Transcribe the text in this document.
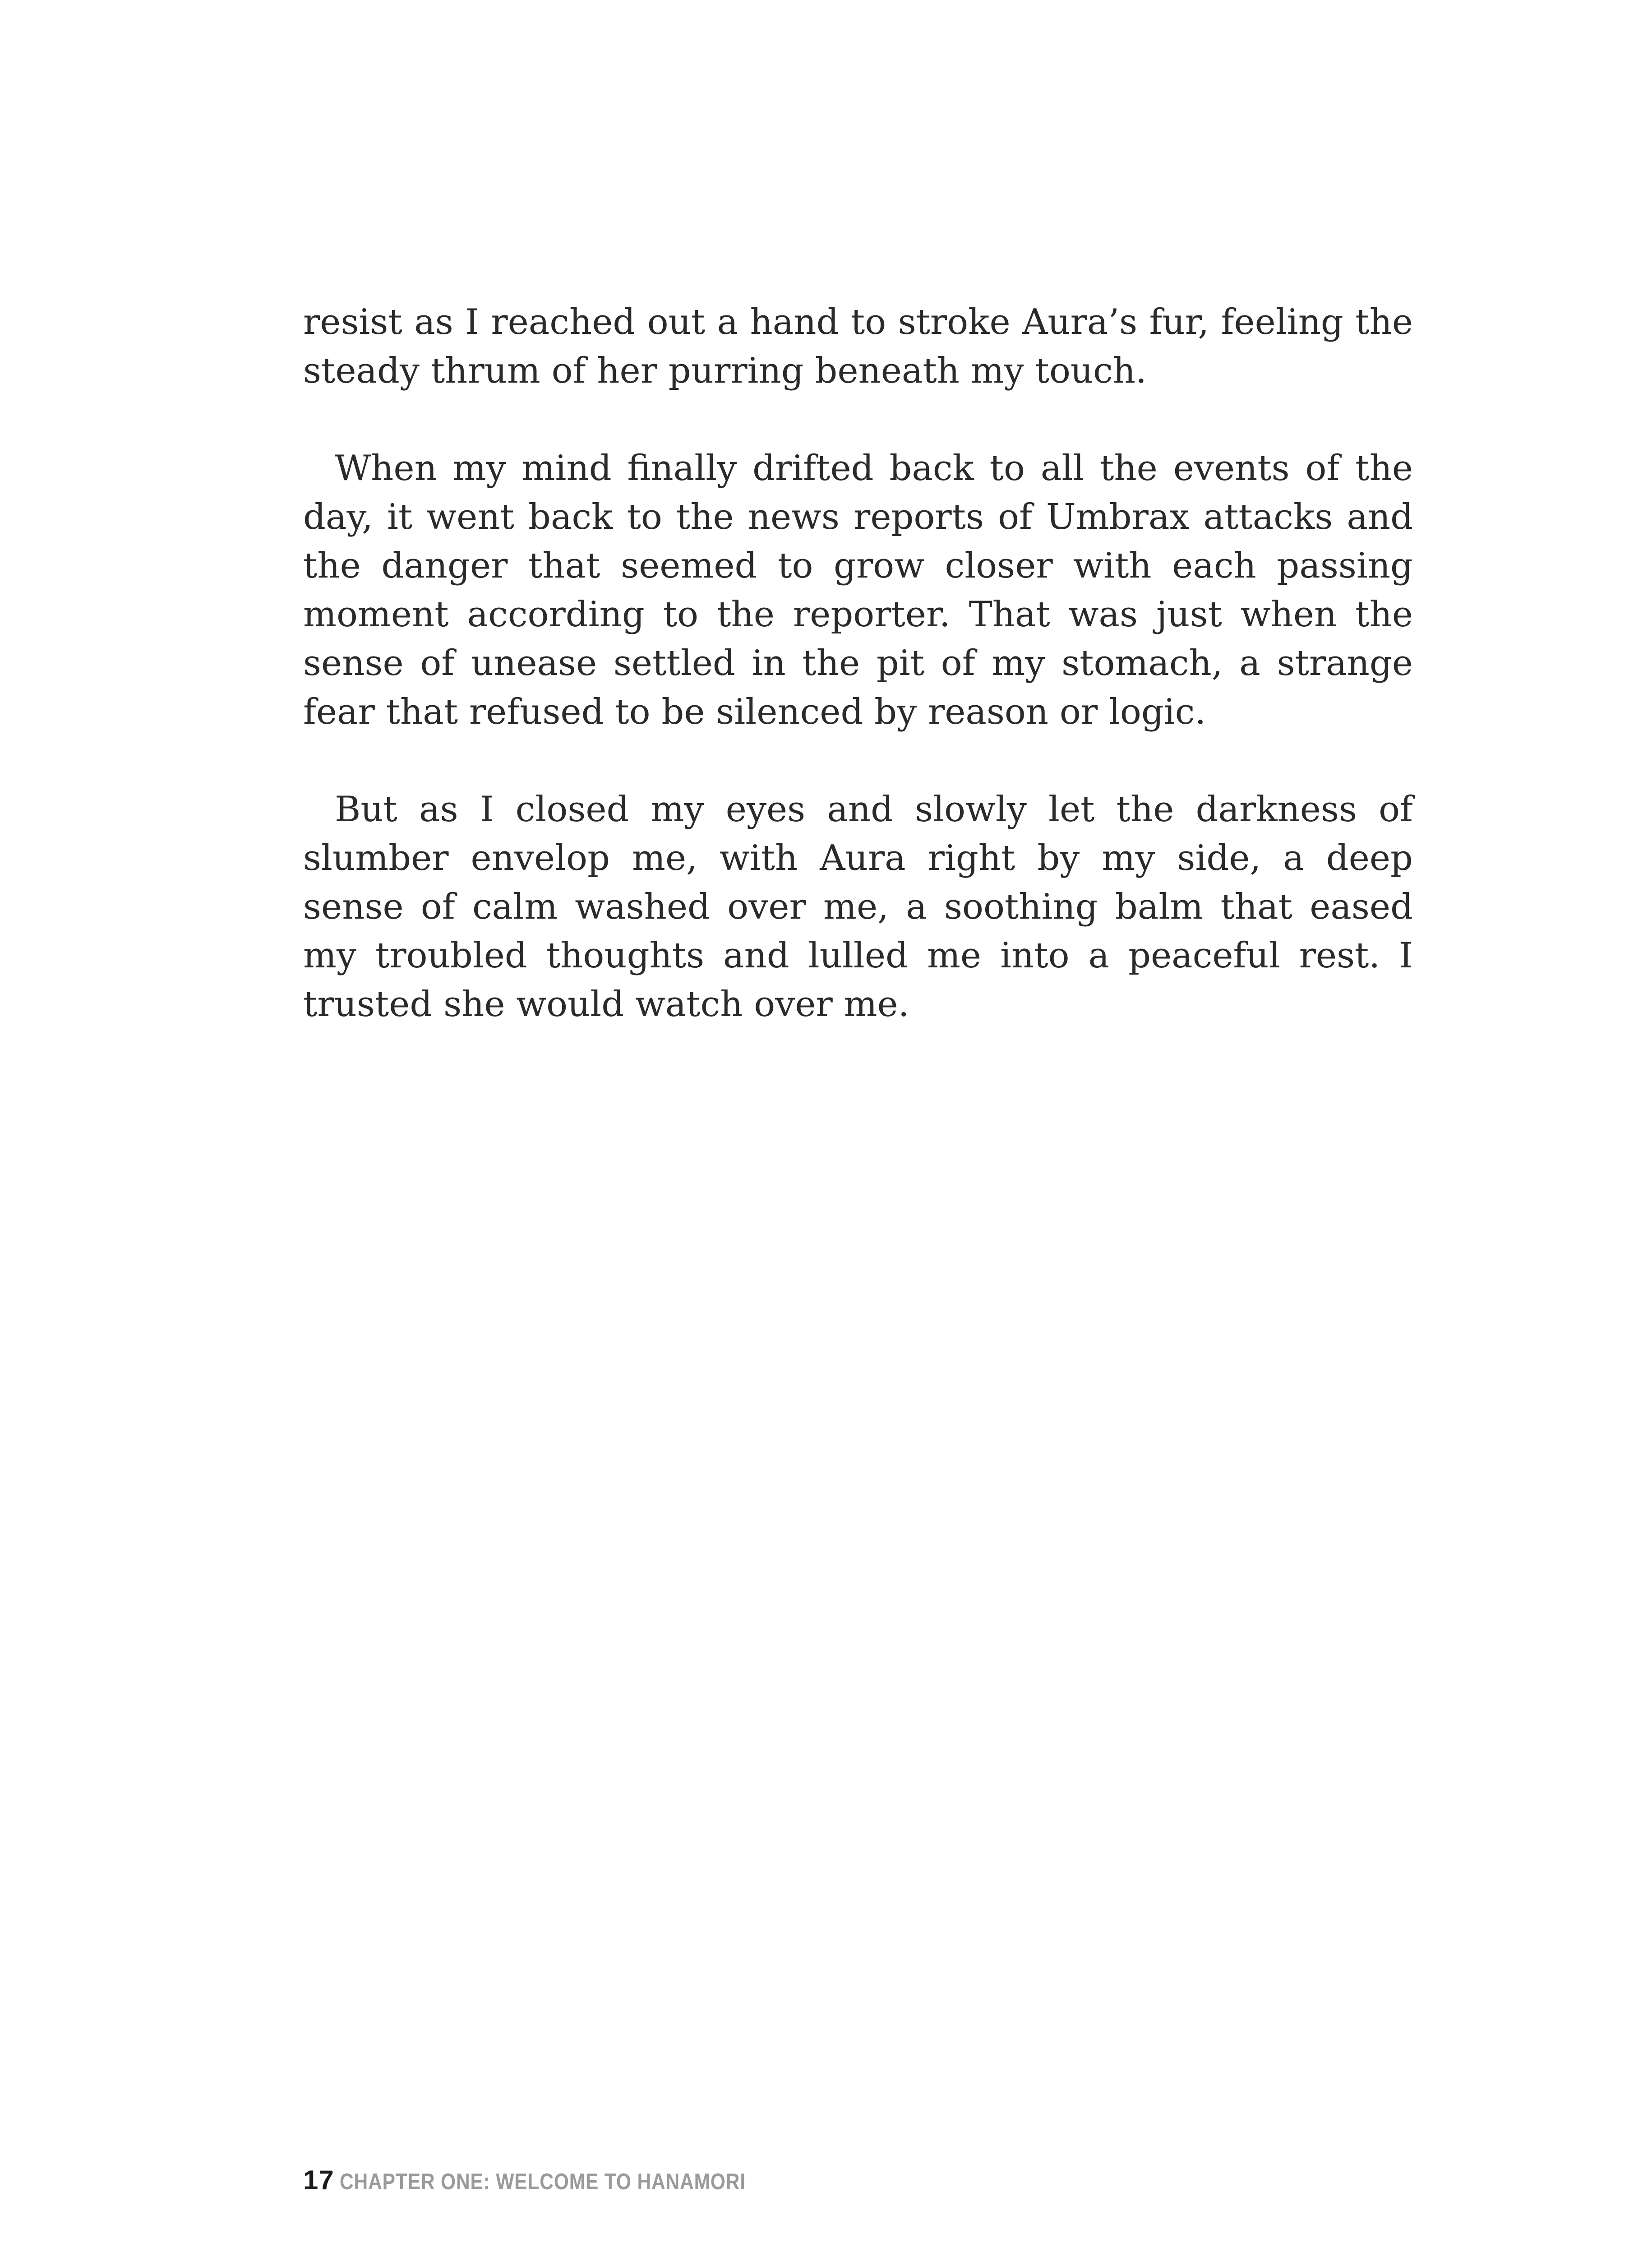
resist as I reached out a hand to stroke Aura’s fur, feeling the steady thrum of her purring beneath my touch.

When my mind finally drifted back to all the events of the day, it went back to the news reports of Umbrax attacks and the danger that seemed to grow closer with each passing moment according to the reporter. That was just when the sense of unease settled in the pit of my stomach, a strange fear that refused to be silenced by reason or logic.

But as I closed my eyes and slowly let the darkness of slumber envelop me, with Aura right by my side, a deep sense of calm washed over me, a soothing balm that eased my troubled thoughts and lulled me into a peaceful rest. I trusted she would watch over me.

17 CHAPTER ONE: WELCOME TO HANAMORI
